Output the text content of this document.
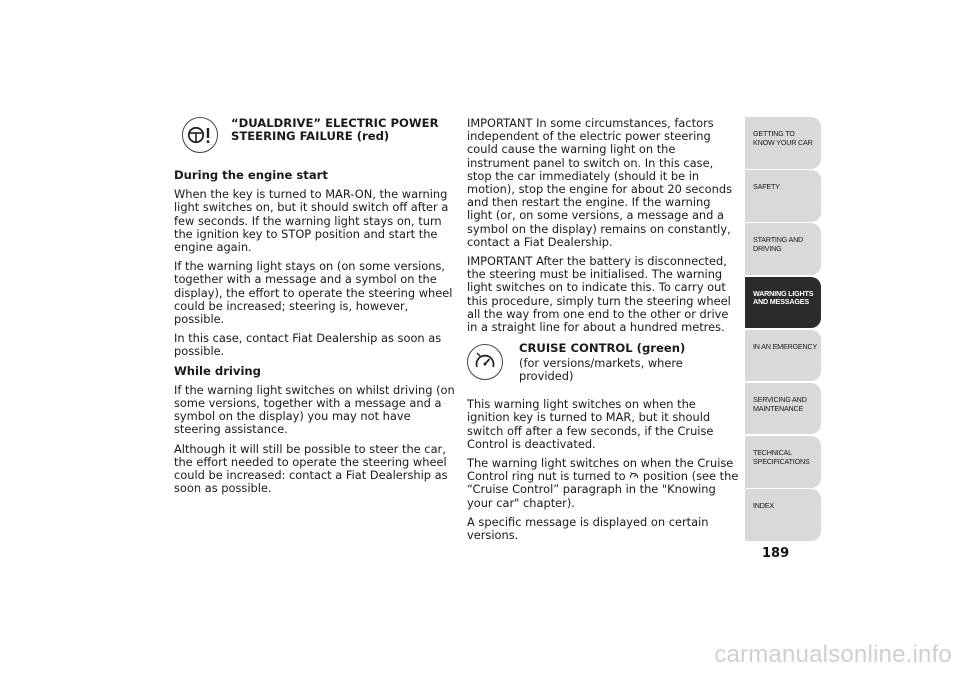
“DUALDRIVE” ELECTRIC POWER STEERING FAILURE (red)
During the engine start

When the key is turned to MAR-ON, the warning light switches on, but it should switch off after a few seconds. If the warning light stays on, turn the ignition key to STOP position and start the engine again.

If the warning light stays on (on some versions, together with a message and a symbol on the display), the effort to operate the steering wheel could be increased; steering is, however, possible.

In this case, contact Fiat Dealership as soon as possible.

While driving

If the warning light switches on whilst driving (on some versions, together with a message and a symbol on the display) you may not have steering assistance.

Although it will still be possible to steer the car, the effort needed to operate the steering wheel could be increased: contact a Fiat Dealership as soon as possible.

IMPORTANT In some circumstances, factors independent of the electric power steering could cause the warning light on the instrument panel to switch on. In this case, stop the car immediately (should it be in motion), stop the engine for about 20 seconds and then restart the engine. If the warning light (or, on some versions, a message and a symbol on the display) remains on constantly, contact a Fiat Dealership.

IMPORTANT After the battery is disconnected, the steering must be initialised. The warning light switches on to indicate this. To carry out this procedure, simply turn the steering wheel all the way from one end to the other or drive in a straight line for about a hundred metres.

CRUISE CONTROL (green)
(for versions/markets, where provided)

This warning light switches on when the ignition key is turned to MAR, but it should switch off after a few seconds, if the Cruise Control is deactivated.

The warning light switches on when the Cruise Control ring nut is turned to position (see the “Cruise Control” paragraph in the "Knowing your car" chapter).

A specific message is displayed on certain versions.

GETTING TO KNOW YOUR CAR
SAFETY
STARTING AND DRIVING
WARNING LIGHTS AND MESSAGES
IN AN EMERGENCY
SERVICING AND MAINTENANCE
TECHNICAL SPECIFICATIONS
INDEX
189
carmanualsonline.info
